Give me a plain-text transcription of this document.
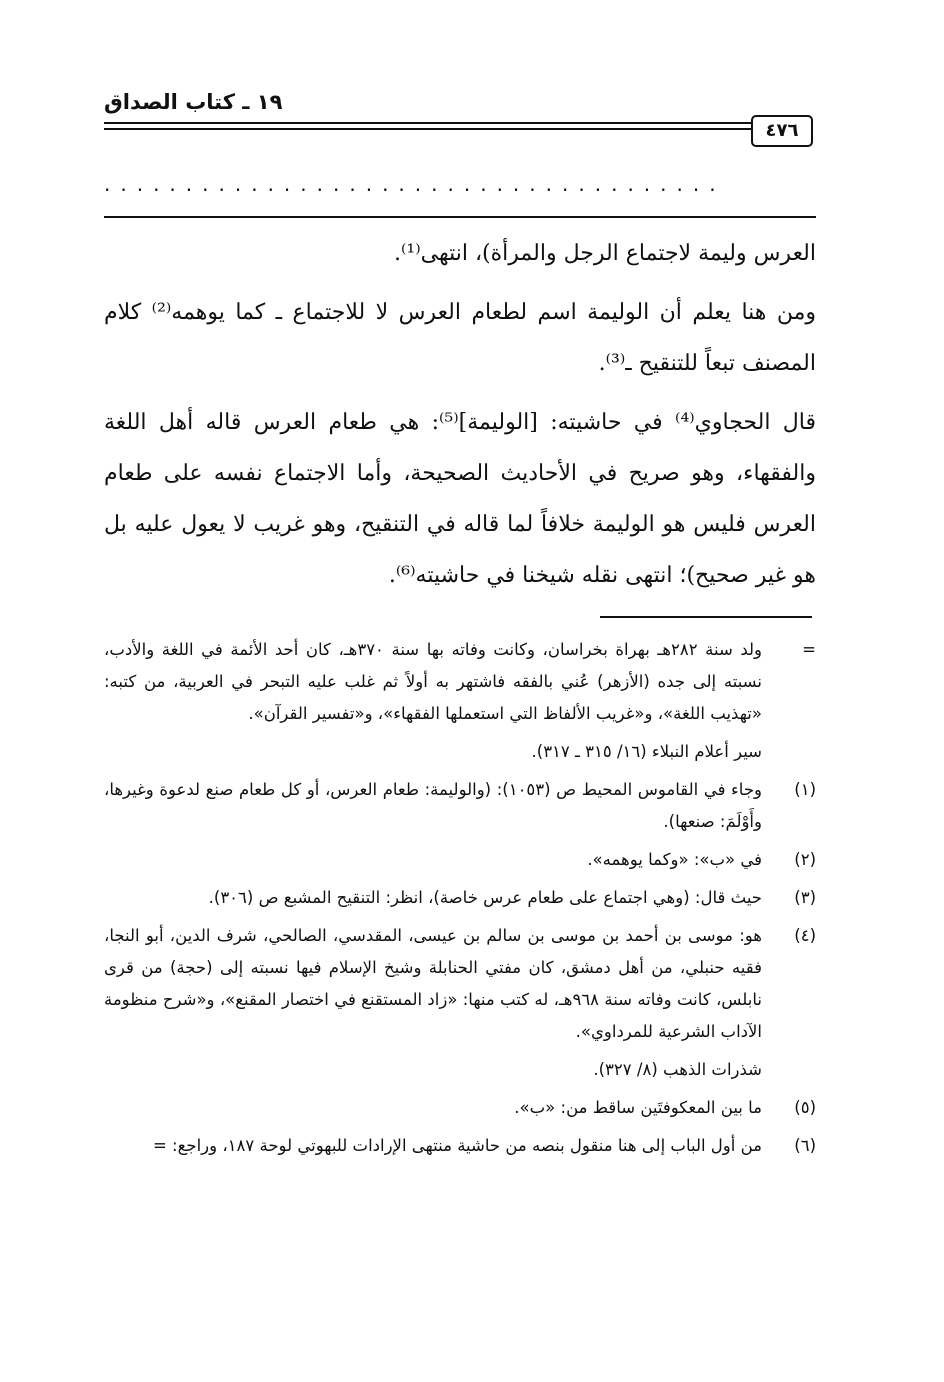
١٩ ـ كتاب الصداق
٤٧٦
......................................

العرس وليمة لاجتماع الرجل والمرأة)، انتهى⁽¹⁾.

ومن هنا يعلم أن الوليمة اسم لطعام العرس لا للاجتماع ـ كما يوهمه⁽²⁾ كلام المصنف تبعاً للتنقيح ـ⁽³⁾.

قال الحجاوي⁽⁴⁾ في حاشيته: [الوليمة]⁽⁵⁾: هي طعام العرس قاله أهل اللغة والفقهاء، وهو صريح في الأحاديث الصحيحة، وأما الاجتماع نفسه على طعام العرس فليس هو الوليمة خلافاً لما قاله في التنقيح، وهو غريب لا يعول عليه بل هو غير صحيح)؛ انتهى نقله شيخنا في حاشيته⁽⁶⁾.

=
ولد سنة ٢٨٢هـ بهراة بخراسان، وكانت وفاته بها سنة ٣٧٠هـ، كان أحد الأئمة في اللغة والأدب، نسبته إلى جده (الأزهر) عُني بالفقه فاشتهر به أولاً ثم غلب عليه التبحر في العربية، من كتبه: «تهذيب اللغة»، و«غريب الألفاظ التي استعملها الفقهاء»، و«تفسير القرآن».
سير أعلام النبلاء (١٦/ ٣١٥ ـ ٣١٧).
(١)
وجاء في القاموس المحيط ص (١٠٥٣): (والوليمة: طعام العرس، أو كل طعام صنع لدعوة وغيرها، وأَوْلَمَ: صنعها).
(٢)
في «ب»: «وكما يوهمه».
(٣)
حيث قال: (وهي اجتماع على طعام عرس خاصة)، انظر: التنقيح المشبع ص (٣٠٦).
(٤)
هو: موسى بن أحمد بن موسى بن سالم بن عيسى، المقدسي، الصالحي، شرف الدين، أبو النجا، فقيه حنبلي، من أهل دمشق، كان مفتي الحنابلة وشيخ الإسلام فيها نسبته إلى (حجة) من قرى نابلس، كانت وفاته سنة ٩٦٨هـ، له كتب منها: «زاد المستقنع في اختصار المقنع»، و«شرح منظومة الآداب الشرعية للمرداوي».
شذرات الذهب (٨/ ٣٢٧).
(٥)
ما بين المعكوفتَين ساقط من: «ب».
(٦)
من أول الباب إلى هنا منقول بنصه من حاشية منتهى الإرادات للبهوتي لوحة ١٨٧، وراجع: =
